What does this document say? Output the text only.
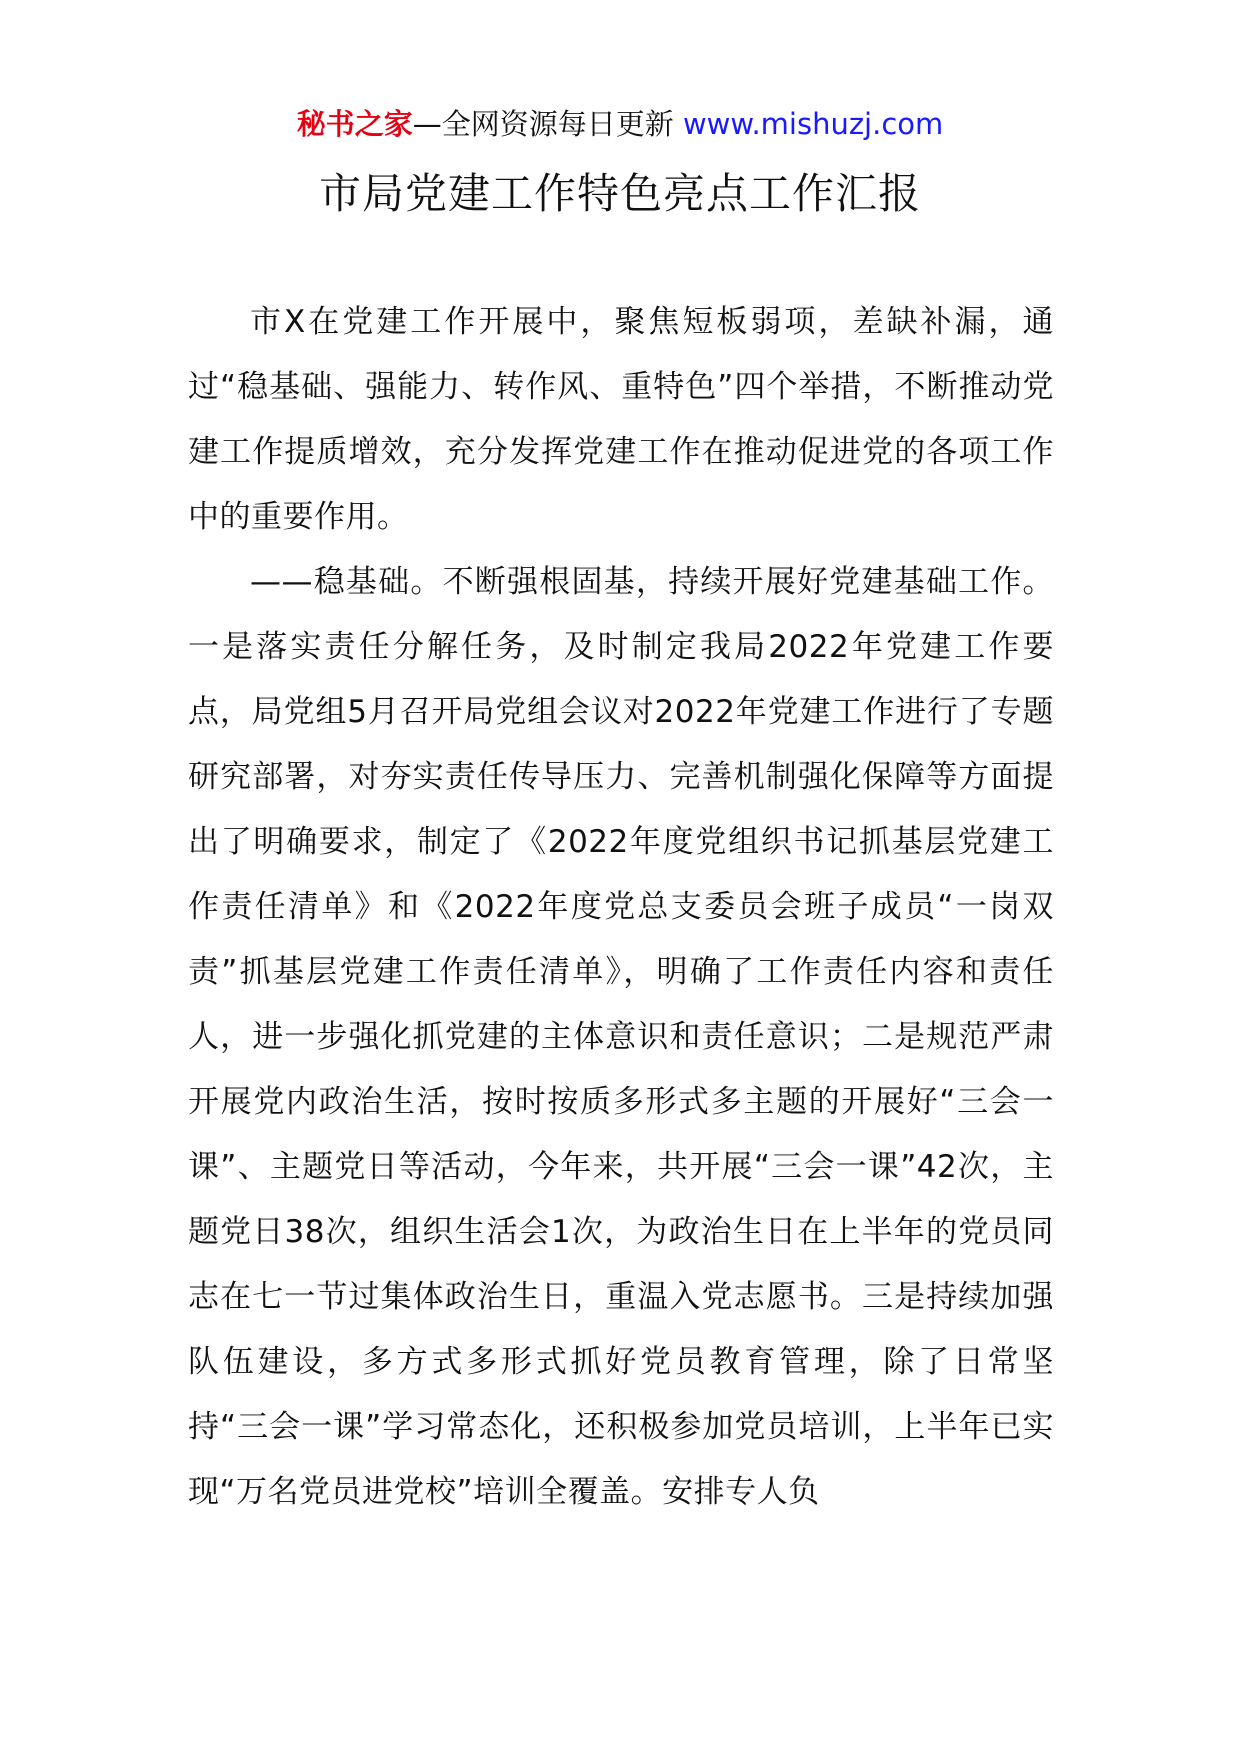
秘书之家—全网资源每日更新 www.mishuzj.com
市局党建工作特色亮点工作汇报

市X在党建工作开展中，聚焦短板弱项，差缺补漏，通过“稳基础、强能力、转作风、重特色”四个举措，不断推动党建工作提质增效，充分发挥党建工作在推动促进党的各项工作中的重要作用。

——稳基础。不断强根固基，持续开展好党建基础工作。一是落实责任分解任务，及时制定我局2022年党建工作要点，局党组5月召开局党组会议对2022年党建工作进行了专题研究部署，对夯实责任传导压力、完善机制强化保障等方面提出了明确要求，制定了《2022年度党组织书记抓基层党建工作责任清单》和《2022年度党总支委员会班子成员“一岗双责”抓基层党建工作责任清单》，明确了工作责任内容和责任人，进一步强化抓党建的主体意识和责任意识；二是规范严肃开展党内政治生活，按时按质多形式多主题的开展好“三会一课”、主题党日等活动，今年来，共开展“三会一课”42次，主题党日38次，组织生活会1次，为政治生日在上半年的党员同志在七一节过集体政治生日，重温入党志愿书。三是持续加强队伍建设，多方式多形式抓好党员教育管理，除了日常坚持“三会一课”学习常态化，还积极参加党员培训，上半年已实现“万名党员进党校”培训全覆盖。安排专人负
